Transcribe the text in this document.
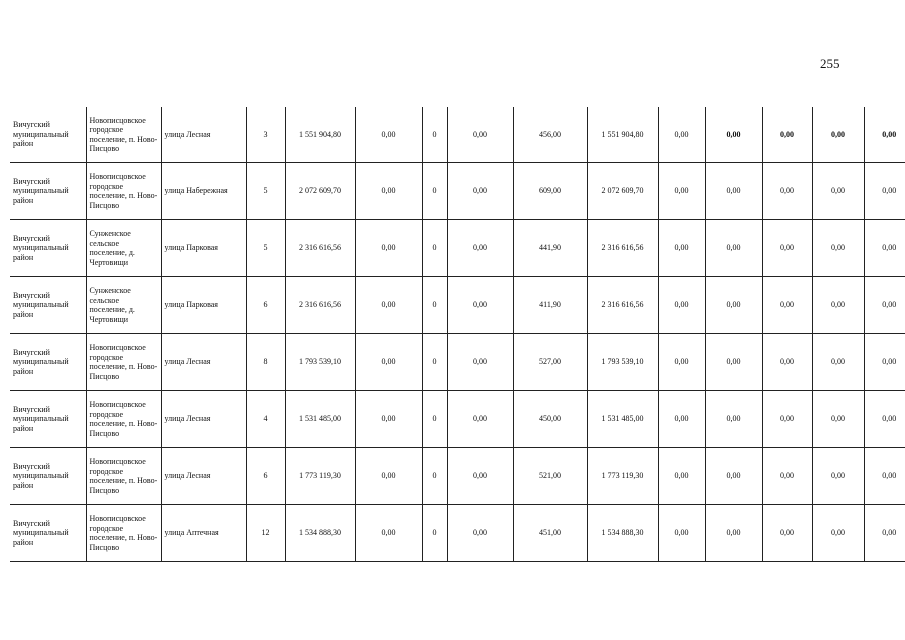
255
Вичугский муниципальный район	Новописцовское городское поселение, п. Ново-Писцово	улица Лесная	3	1 551 904,80	0,00	0	0,00	456,00	1 551 904,80	0,00	0,00	0,00	0,00	0,00
Вичугский муниципальный район	Новописцовское городское поселение, п. Ново-Писцово	улица Набережная	5	2 072 609,70	0,00	0	0,00	609,00	2 072 609,70	0,00	0,00	0,00	0,00	0,00
Вичугский муниципальный район	Сунженское сельское поселение, д. Чертовищи	улица Парковая	5	2 316 616,56	0,00	0	0,00	441,90	2 316 616,56	0,00	0,00	0,00	0,00	0,00
Вичугский муниципальный район	Сунженское сельское поселение, д. Чертовищи	улица Парковая	6	2 316 616,56	0,00	0	0,00	411,90	2 316 616,56	0,00	0,00	0,00	0,00	0,00
Вичугский муниципальный район	Новописцовское городское поселение, п. Ново-Писцово	улица Лесная	8	1 793 539,10	0,00	0	0,00	527,00	1 793 539,10	0,00	0,00	0,00	0,00	0,00
Вичугский муниципальный район	Новописцовское городское поселение, п. Ново-Писцово	улица Лесная	4	1 531 485,00	0,00	0	0,00	450,00	1 531 485,00	0,00	0,00	0,00	0,00	0,00
Вичугский муниципальный район	Новописцовское городское поселение, п. Ново-Писцово	улица Лесная	6	1 773 119,30	0,00	0	0,00	521,00	1 773 119,30	0,00	0,00	0,00	0,00	0,00
Вичугский муниципальный район	Новописцовское городское поселение, п. Ново-Писцово	улица Аптечная	12	1 534 888,30	0,00	0	0,00	451,00	1 534 888,30	0,00	0,00	0,00	0,00	0,00
